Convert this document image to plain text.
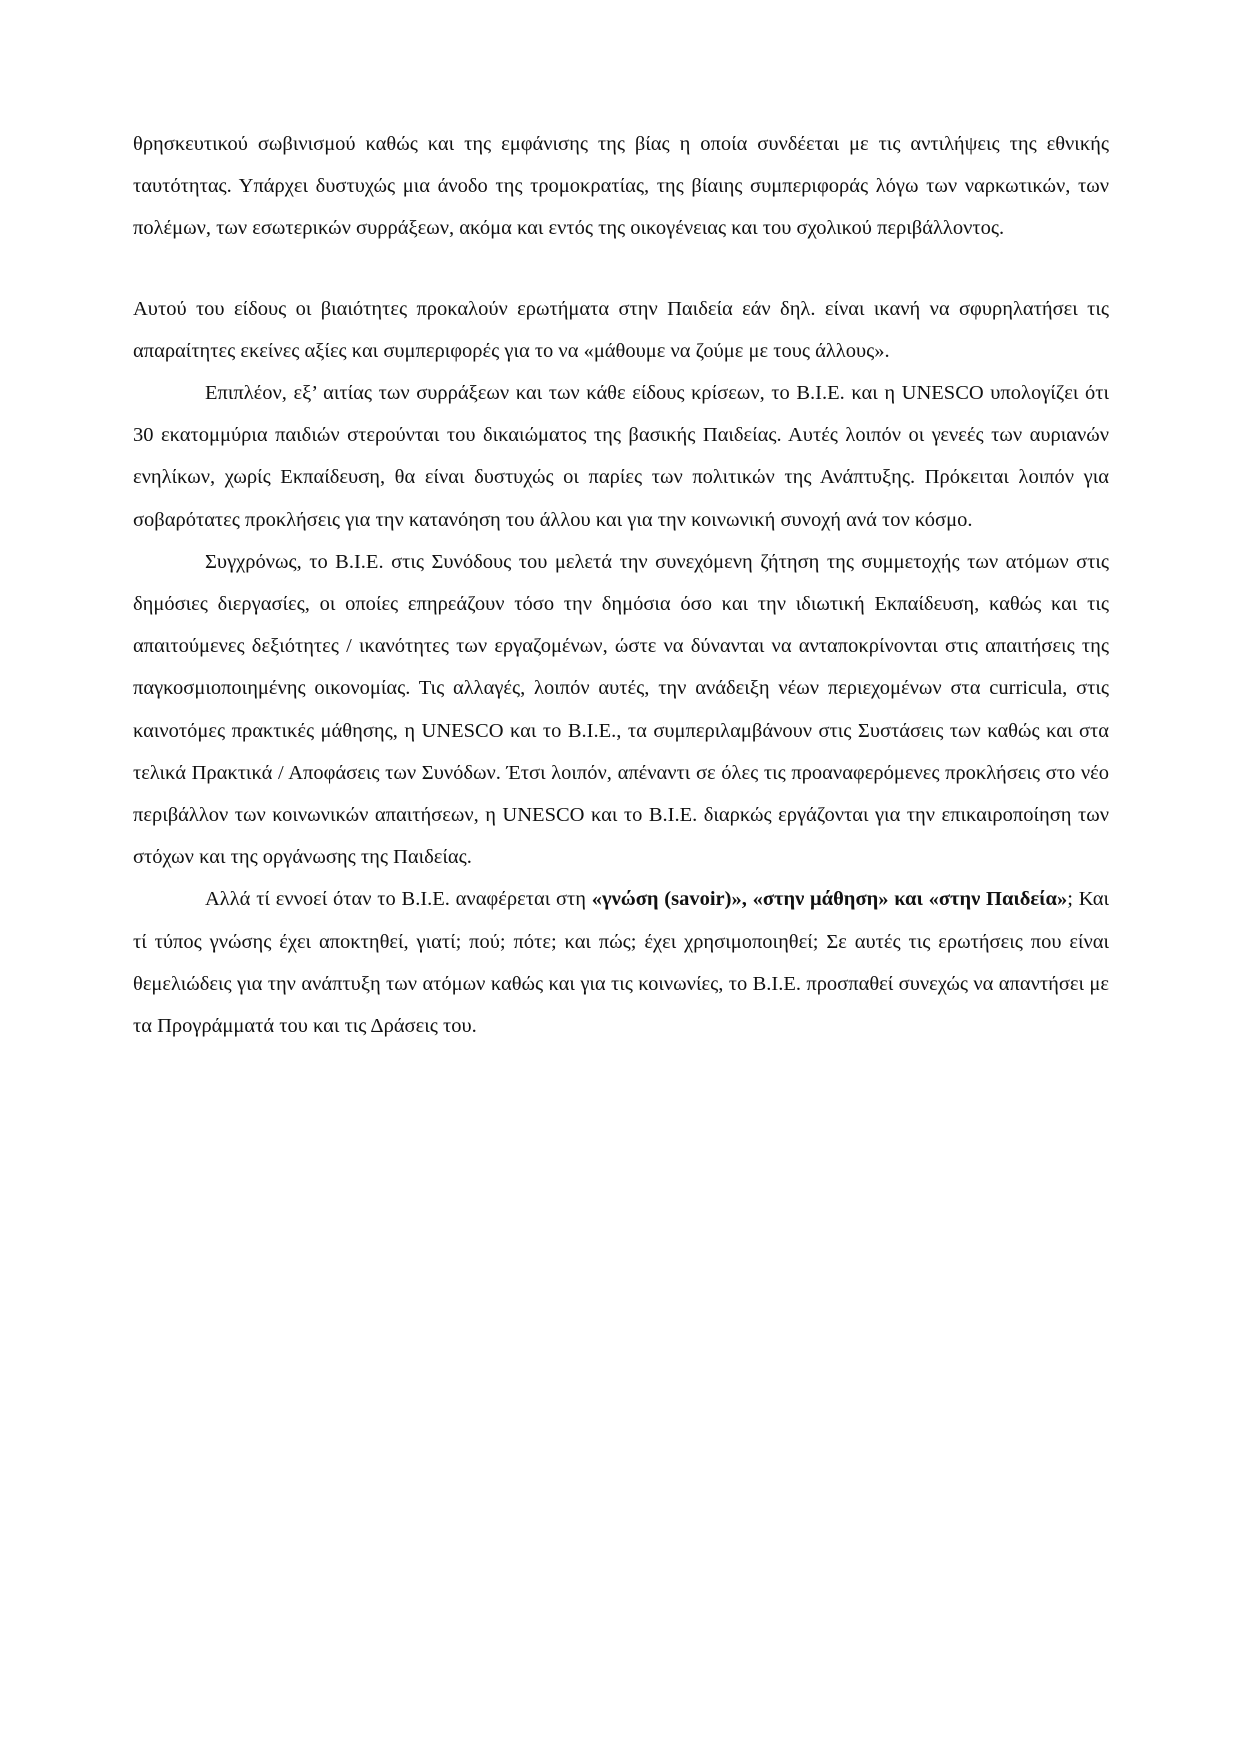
θρησκευτικού σωβινισμού καθώς και της εμφάνισης της βίας η οποία συνδέεται με τις αντιλήψεις της εθνικής ταυτότητας. Υπάρχει δυστυχώς μια άνοδο της τρομοκρατίας, της βίαιης συμπεριφοράς λόγω των ναρκωτικών, των πολέμων, των εσωτερικών συρράξεων, ακόμα και εντός της οικογένειας και του σχολικού περιβάλλοντος.

Αυτού του είδους οι βιαιότητες προκαλούν ερωτήματα στην Παιδεία εάν δηλ. είναι ικανή να σφυρηλατήσει τις απαραίτητες εκείνες αξίες και συμπεριφορές για το να «μάθουμε να ζούμε με τους άλλους».

Επιπλέον, εξ’ αιτίας των συρράξεων και των κάθε είδους κρίσεων, το Β.Ι.Ε. και η UNESCO υπολογίζει ότι 30 εκατομμύρια παιδιών στερούνται του δικαιώματος της βασικής Παιδείας. Αυτές λοιπόν οι γενεές των αυριανών ενηλίκων, χωρίς Εκπαίδευση, θα είναι δυστυχώς οι παρίες των πολιτικών της Ανάπτυξης. Πρόκειται λοιπόν για σοβαρότατες προκλήσεις για την κατανόηση του άλλου και για την κοινωνική συνοχή ανά τον κόσμο.

Συγχρόνως, το Β.Ι.Ε. στις Συνόδους του μελετά την συνεχόμενη ζήτηση της συμμετοχής των ατόμων στις δημόσιες διεργασίες, οι οποίες επηρεάζουν τόσο την δημόσια όσο και την ιδιωτική Εκπαίδευση, καθώς και τις απαιτούμενες δεξιότητες / ικανότητες των εργαζομένων, ώστε να δύνανται να ανταποκρίνονται στις απαιτήσεις της παγκοσμιοποιημένης οικονομίας. Τις αλλαγές, λοιπόν αυτές, την ανάδειξη νέων περιεχομένων στα curricula, στις καινοτόμες πρακτικές μάθησης, η UNESCO και το Β.Ι.Ε., τα συμπεριλαμβάνουν στις Συστάσεις των καθώς και στα τελικά Πρακτικά / Αποφάσεις των Συνόδων. Έτσι λοιπόν, απέναντι σε όλες τις προαναφερόμενες προκλήσεις στο νέο περιβάλλον των κοινωνικών απαιτήσεων, η UNESCO και το Β.Ι.Ε. διαρκώς εργάζονται για την επικαιροποίηση των στόχων και της οργάνωσης της Παιδείας.

Αλλά τί εννοεί όταν το Β.Ι.Ε. αναφέρεται στη «γνώση (savoir)», «στην μάθηση» και «στην Παιδεία»; Και τί τύπος γνώσης έχει αποκτηθεί, γιατί; πού; πότε; και πώς; έχει χρησιμοποιηθεί; Σε αυτές τις ερωτήσεις που είναι θεμελιώδεις για την ανάπτυξη των ατόμων καθώς και για τις κοινωνίες, το Β.Ι.Ε. προσπαθεί συνεχώς να απαντήσει με τα Προγράμματά του και τις Δράσεις του.
